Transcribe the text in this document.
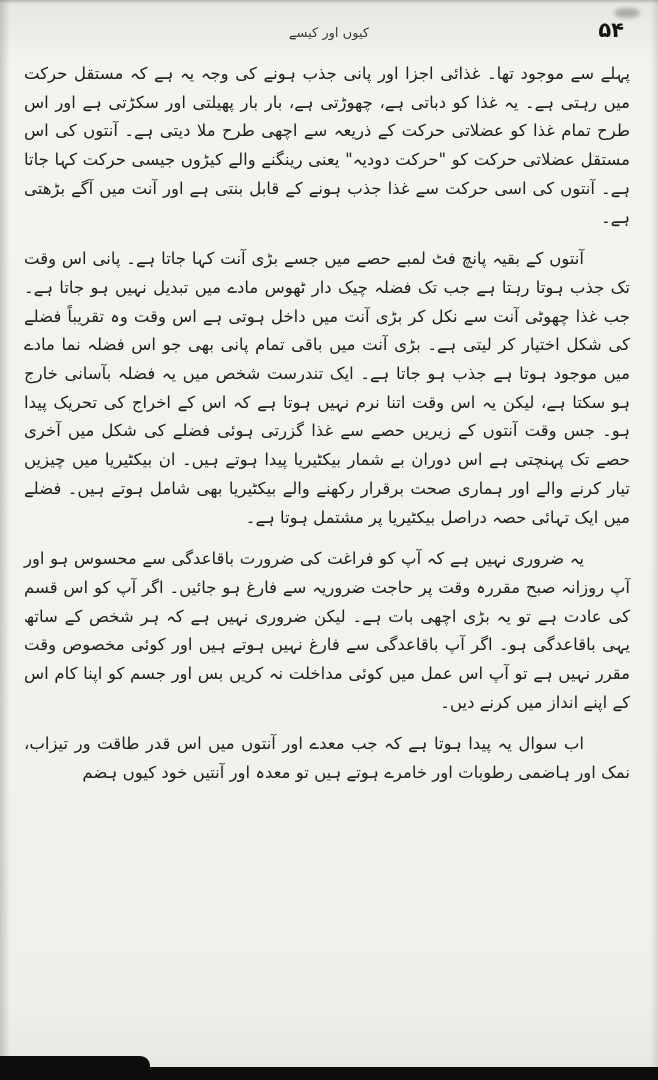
کیوں اور کیسے	۵۴

پہلے سے موجود تھا۔ غذائی اجزا اور پانی جذب ہونے کی وجہ یہ ہے کہ مستقل حرکت میں رہتی ہے۔ یہ غذا کو دباتی ہے، چھوڑتی ہے، بار بار پھیلتی اور سکڑتی ہے اور اس طرح تمام غذا کو عضلاتی حرکت کے ذریعہ سے اچھی طرح ملا دیتی ہے۔ آنتوں کی اس مستقل عضلاتی حرکت کو "حرکت دودیہ" یعنی رینگنے والے کیڑوں جیسی حرکت کہا جاتا ہے۔ آنتوں کی اسی حرکت سے غذا جذب ہونے کے قابل بنتی ہے اور آنت میں آگے بڑھتی ہے۔

آنتوں کے بقیہ پانچ فٹ لمبے حصے میں جسے بڑی آنت کہا جاتا ہے۔ پانی اس وقت تک جذب ہوتا رہتا ہے جب تک فضلہ چیک دار ٹھوس مادے میں تبدیل نہیں ہو جاتا ہے۔ جب غذا چھوٹی آنت سے نکل کر بڑی آنت میں داخل ہوتی ہے اس وقت وہ تقریباً فضلے کی شکل اختیار کر لیتی ہے۔ بڑی آنت میں باقی تمام پانی بھی جو اس فضلہ نما مادے میں موجود ہوتا ہے جذب ہو جاتا ہے۔ ایک تندرست شخص میں یہ فضلہ بآسانی خارج ہو سکتا ہے، لیکن یہ اس وقت اتنا نرم نہیں ہوتا ہے کہ اس کے اخراج کی تحریک پیدا ہو۔ جس وقت آنتوں کے زیریں حصے سے غذا گزرتی ہوئی فضلے کی شکل میں آخری حصے تک پہنچتی ہے اس دوران بے شمار بیکٹیریا پیدا ہوتے ہیں۔ ان بیکٹیریا میں چیزیں تیار کرنے والے اور ہماری صحت برقرار رکھنے والے بیکٹیریا بھی شامل ہوتے ہیں۔ فضلے میں ایک تہائی حصہ دراصل بیکٹیریا پر مشتمل ہوتا ہے۔

یہ ضروری نہیں ہے کہ آپ کو فراغت کی ضرورت باقاعدگی سے محسوس ہو اور آپ روزانہ صبح مقررہ وقت پر حاجت ضروریہ سے فارغ ہو جائیں۔ اگر آپ کو اس قسم کی عادت ہے تو یہ بڑی اچھی بات ہے۔ لیکن ضروری نہیں ہے کہ ہر شخص کے ساتھ یہی باقاعدگی ہو۔ اگر آپ باقاعدگی سے فارغ نہیں ہوتے ہیں اور کوئی مخصوص وقت مقرر نہیں ہے تو آپ اس عمل میں کوئی مداخلت نہ کریں بس اور جسم کو اپنا کام اس کے اپنے انداز میں کرنے دیں۔

اب سوال یہ پیدا ہوتا ہے کہ جب معدے اور آنتوں میں اس قدر طاقت ور تیزاب، نمک اور ہاضمی رطوبات اور خامرے ہوتے ہیں تو معدہ اور آنتیں خود کیوں ہضم
